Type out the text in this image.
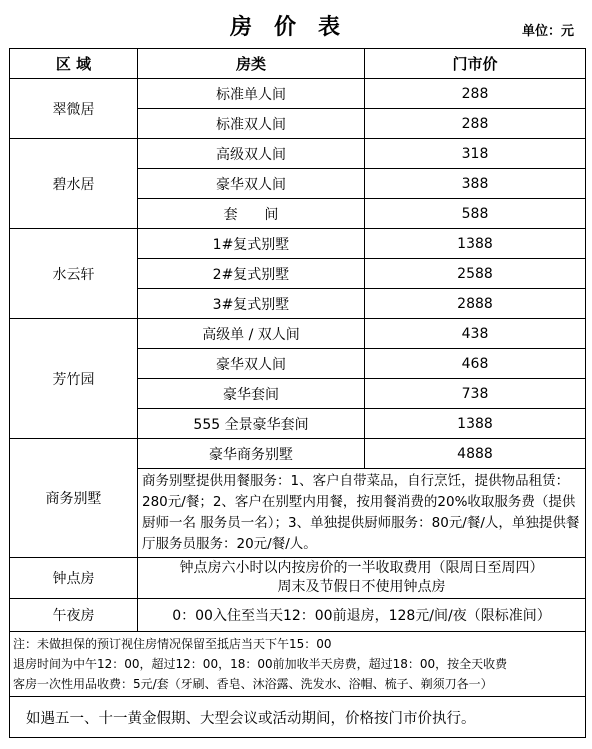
房价表	单位：元
区 域	房类	门市价
翠微居	标准单人间	288
	标准双人间	288
碧水居	高级双人间	318
	豪华双人间	388
	套      间	588
水云轩	1#复式别墅	1388
	2#复式别墅	2588
	3#复式别墅	2888
芳竹园	高级单 / 双人间	438
	豪华双人间	468
	豪华套间	738
	555 全景豪华套间	1388
商务别墅	豪华商务别墅	4888
	商务别墅提供用餐服务：1、客户自带菜品，自行烹饪，提供物品租赁：280元/餐；2、客户在别墅内用餐，按用餐消费的20%收取服务费（提供厨师一名 服务员一名）；3、单独提供厨师服务：80元/餐/人，单独提供餐厅服务员服务：20元/餐/人。	
钟点房	钟点房六小时以内按房价的一半收取费用（限周日至周四）
周末及节假日不使用钟点房	

午夜房	0：00入住至当天12：00前退房，128元/间/夜（限标准间）	

注：未做担保的预订视住房情况保留至抵店当天下午15：00
退房时间为中午12：00，超过12：00，18：00前加收半天房费，超过18：00，按全天收费
客房一次性用品收费：5元/套（牙刷、香皂、沐浴露、洗发水、浴帽、梳子、剃须刀各一）		

如遇五一、十一黄金假期、大型会议或活动期间，价格按门市价执行。		
